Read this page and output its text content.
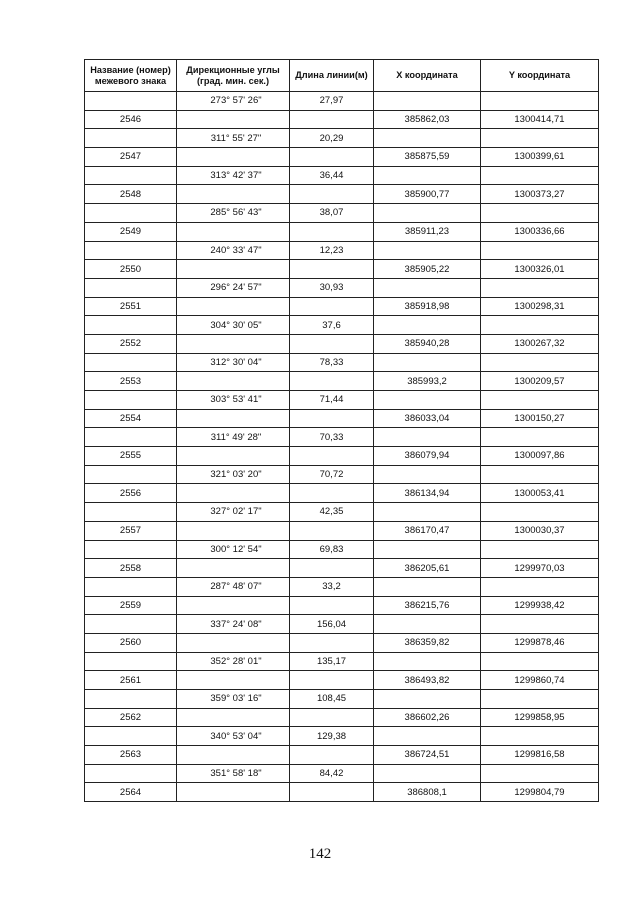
Название (номер) межевого знака	Дирекционные углы (град. мин. сек.)	Длина линии(м)	X координата	Y координата
	273° 57' 26"	27,97		
2546			385862,03	1300414,71
	311° 55' 27"	20,29		
2547			385875,59	1300399,61
	313° 42' 37"	36,44		
2548			385900,77	1300373,27
	285° 56' 43"	38,07		
2549			385911,23	1300336,66
	240° 33' 47"	12,23		
2550			385905,22	1300326,01
	296° 24' 57"	30,93		
2551			385918,98	1300298,31
	304° 30' 05"	37,6		
2552			385940,28	1300267,32
	312° 30' 04"	78,33		
2553			385993,2	1300209,57
	303° 53' 41"	71,44		
2554			386033,04	1300150,27
	311° 49' 28"	70,33		
2555			386079,94	1300097,86
	321° 03' 20"	70,72		
2556			386134,94	1300053,41
	327° 02' 17"	42,35		
2557			386170,47	1300030,37
	300° 12' 54"	69,83		
2558			386205,61	1299970,03
	287° 48' 07"	33,2		
2559			386215,76	1299938,42
	337° 24' 08"	156,04		
2560			386359,82	1299878,46
	352° 28' 01"	135,17		
2561			386493,82	1299860,74
	359° 03' 16"	108,45		
2562			386602,26	1299858,95
	340° 53' 04"	129,38		
2563			386724,51	1299816,58
	351° 58' 18"	84,42		
2564			386808,1	1299804,79
142
